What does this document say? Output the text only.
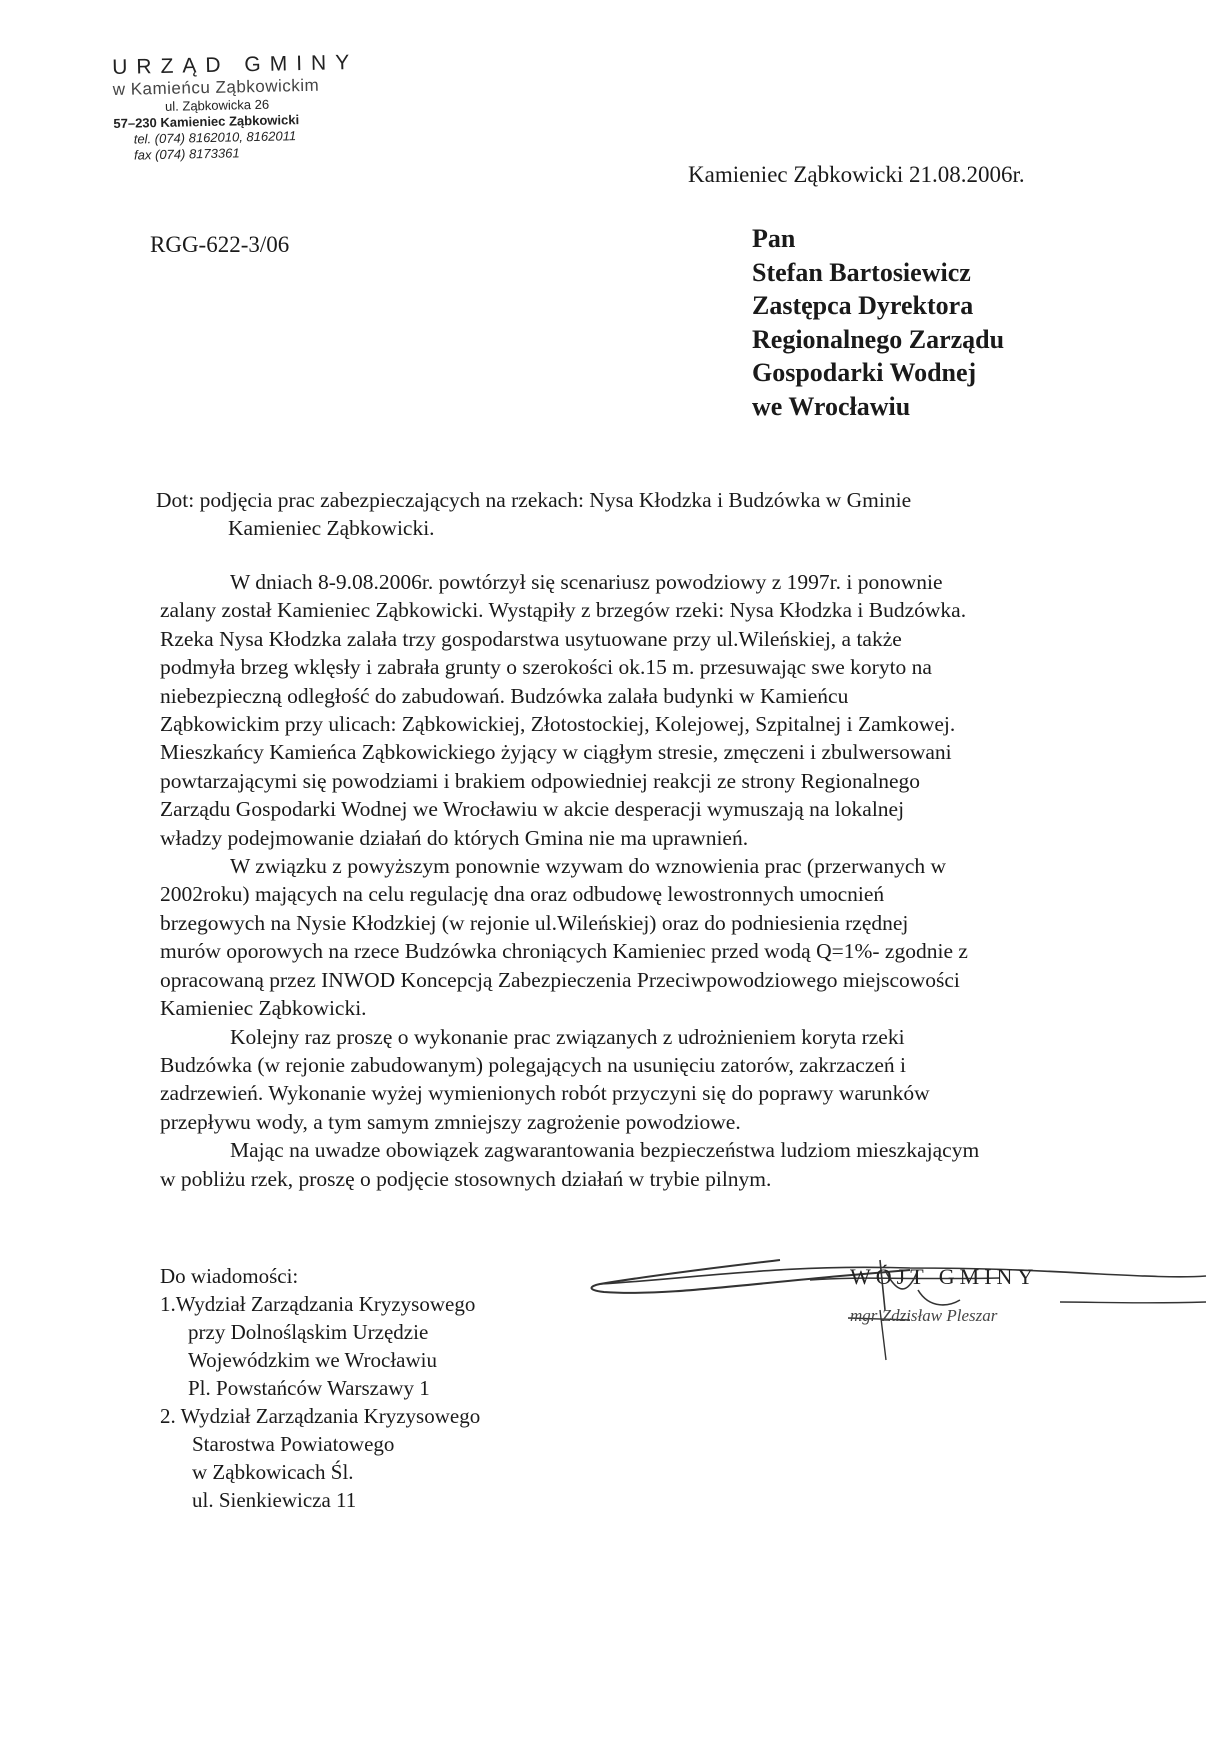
URZĄD GMINY
w Kamieńcu Ząbkowickim
ul. Ząbkowicka 26
57–230 Kamieniec Ząbkowicki
tel. (074) 8162010, 8162011
fax (074) 8173361
Kamieniec Ząbkowicki 21.08.2006r.
RGG-622-3/06	Pan
Stefan Bartosiewicz
Zastępca Dyrektora
Regionalnego Zarządu
Gospodarki Wodnej
we Wrocławiu
Dot: podjęcia prac zabezpieczających na rzekach: Nysa Kłodzka i Budzówka w Gminie
Kamieniec Ząbkowicki.
W dniach 8-9.08.2006r. powtórzył się scenariusz powodziowy z 1997r. i ponownie
zalany został Kamieniec Ząbkowicki. Wystąpiły z brzegów rzeki: Nysa Kłodzka i Budzówka.
Rzeka Nysa Kłodzka zalała trzy gospodarstwa usytuowane przy ul.Wileńskiej, a także
podmyła brzeg wklęsły i zabrała grunty o szerokości ok.15 m. przesuwając swe koryto na
niebezpieczną odległość do zabudowań. Budzówka zalała budynki w Kamieńcu
Ząbkowickim przy ulicach: Ząbkowickiej, Złotostockiej, Kolejowej, Szpitalnej i Zamkowej.
Mieszkańcy Kamieńca Ząbkowickiego żyjący w ciągłym stresie, zmęczeni i zbulwersowani
powtarzającymi się powodziami i brakiem odpowiedniej reakcji ze strony Regionalnego
Zarządu Gospodarki Wodnej we Wrocławiu w akcie desperacji wymuszają na lokalnej
władzy podejmowanie działań do których Gmina nie ma uprawnień.
W związku z powyższym ponownie wzywam do wznowienia prac (przerwanych w
2002roku) mających na celu regulację dna oraz odbudowę lewostronnych umocnień
brzegowych na Nysie Kłodzkiej (w rejonie ul.Wileńskiej) oraz do podniesienia rzędnej
murów oporowych na rzece Budzówka chroniących Kamieniec przed wodą Q=1%- zgodnie z
opracowaną przez INWOD Koncepcją Zabezpieczenia Przeciwpowodziowego miejscowości
Kamieniec Ząbkowicki.
Kolejny raz proszę o wykonanie prac związanych z udrożnieniem koryta rzeki
Budzówka (w rejonie zabudowanym) polegających na usunięciu zatorów, zakrzaczeń i
zadrzewień. Wykonanie wyżej wymienionych robót przyczyni się do poprawy warunków
przepływu wody, a tym samym zmniejszy zagrożenie powodziowe.
Mając na uwadze obowiązek zagwarantowania bezpieczeństwa ludziom mieszkającym
w pobliżu rzek, proszę o podjęcie stosownych działań w trybie pilnym.
Do wiadomości:
1.Wydział Zarządzania Kryzysowego
przy Dolnośląskim Urzędzie
Wojewódzkim we Wrocławiu
Pl. Powstańców Warszawy 1
2. Wydział Zarządzania Kryzysowego
Starostwa Powiatowego
w Ząbkowicach Śl.
ul. Sienkiewicza 11
WÓJT GMINY
mgr Zdzisław Pleszar
